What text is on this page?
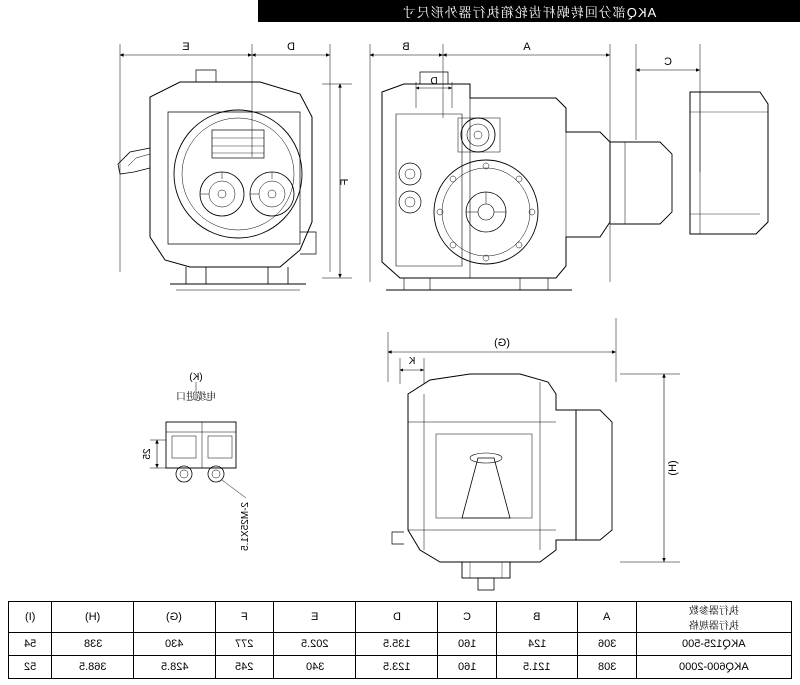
AKQ部分回转蜗杆齿轮箱执行器外形尺寸
E	D	B	A
C
D
F
(G)
K
(H)
(K)
电缆进口
2-M25X1.5
25
(I)	(H)	(G)	F	E	D	C	B	A	执行器参数
执行器规格
54	338	430	277	202.5	135.5	160	124	306	AKQ125-500
52	368.5	428.5	245	340	123.5	160	121.5	308	AKQ600-2000
